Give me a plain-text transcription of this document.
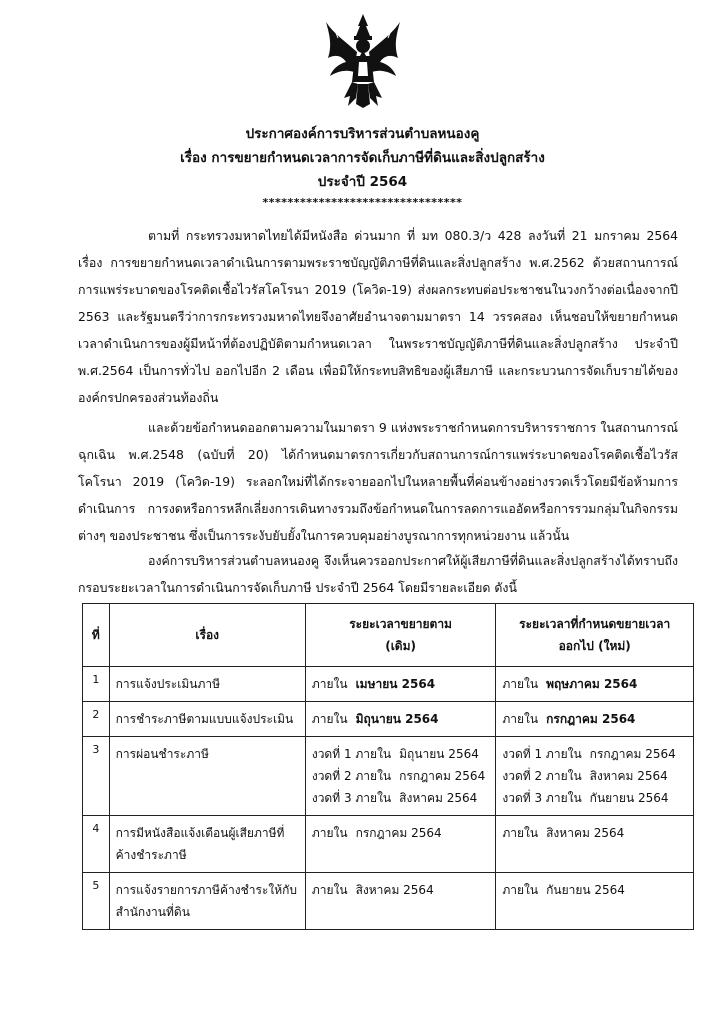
ประกาศองค์การบริหารส่วนตำบลหนองคู
เรื่อง การขยายกำหนดเวลาการจัดเก็บภาษีที่ดินและสิ่งปลูกสร้าง
ประจำปี 2564
********************************

ตามที่ กระทรวงมหาดไทยได้มีหนังสือ ด่วนมาก ที่ มท 080.3/ว 428 ลงวันที่ 21 มกราคม 2564 เรื่อง การขยายกำหนดเวลาดำเนินการตามพระราชบัญญัติภาษีที่ดินและสิ่งปลูกสร้าง พ.ศ.2562 ด้วยสถานการณ์การแพร่ระบาดของโรคติดเชื้อไวรัสโคโรนา 2019 (โควิด-19) ส่งผลกระทบต่อประชาชนในวงกว้างต่อเนื่องจากปี 2563 และรัฐมนตรีว่าการกระทรวงมหาดไทยจึงอาศัยอำนาจตามมาตรา 14 วรรคสอง เห็นชอบให้ขยายกำหนดเวลาดำเนินการของผู้มีหน้าที่ต้องปฏิบัติตามกำหนดเวลา ในพระราชบัญญัติภาษีที่ดินและสิ่งปลูกสร้าง ประจำปี พ.ศ.2564 เป็นการทั่วไป ออกไปอีก 2 เดือน เพื่อมิให้กระทบสิทธิของผู้เสียภาษี และกระบวนการจัดเก็บรายได้ขององค์กรปกครองส่วนท้องถิ่น

และด้วยข้อกำหนดออกตามความในมาตรา 9 แห่งพระราชกำหนดการบริหารราชการ ในสถานการณ์ฉุกเฉิน พ.ศ.2548 (ฉบับที่ 20) ได้กำหนดมาตรการเกี่ยวกับสถานการณ์การแพร่ระบาดของโรคติดเชื้อไวรัสโคโรนา 2019 (โควิด-19) ระลอกใหม่ที่ได้กระจายออกไปในหลายพื้นที่ค่อนข้างอย่างรวดเร็วโดยมีข้อห้ามการดำเนินการ การงดหรือการหลีกเลี่ยงการเดินทางรวมถึงข้อกำหนดในการลดการแออัดหรือการรวมกลุ่มในกิจกรรมต่างๆ ของประชาชน ซึ่งเป็นการระงับยับยั้งในการควบคุมอย่างบูรณาการทุกหน่วยงาน แล้วนั้น

องค์การบริหารส่วนตำบลหนองคู จึงเห็นควรออกประกาศให้ผู้เสียภาษีที่ดินและสิ่งปลูกสร้างได้ทราบถึงกรอบระยะเวลาในการดำเนินการจัดเก็บภาษี ประจำปี 2564 โดยมีรายละเอียด ดังนี้

ที่	เรื่อง	ระยะเวลาขยายตาม
(เดิม)	ระยะเวลาที่กำหนดขยายเวลา
ออกไป (ใหม่)

1	การแจ้งประเมินภาษี	ภายใน เมษายน 2564	ภายใน พฤษภาคม 2564

2	การชำระภาษีตามแบบแจ้งประเมิน	ภายใน มิถุนายน 2564	ภายใน กรกฎาคม 2564

3	การผ่อนชำระภาษี	งวดที่ 1 ภายใน มิถุนายน 2564
งวดที่ 2 ภายใน กรกฎาคม 2564
งวดที่ 3 ภายใน สิงหาคม 2564	งวดที่ 1 ภายใน กรกฎาคม 2564
งวดที่ 2 ภายใน สิงหาคม 2564
งวดที่ 3 ภายใน กันยายน 2564

4	การมีหนังสือแจ้งเตือนผู้เสียภาษีที่
ค้างชำระภาษี	ภายใน กรกฎาคม 2564	ภายใน สิงหาคม 2564

5	การแจ้งรายการภาษีค้างชำระให้กับ
สำนักงานที่ดิน	ภายใน สิงหาคม 2564	ภายใน กันยายน 2564
